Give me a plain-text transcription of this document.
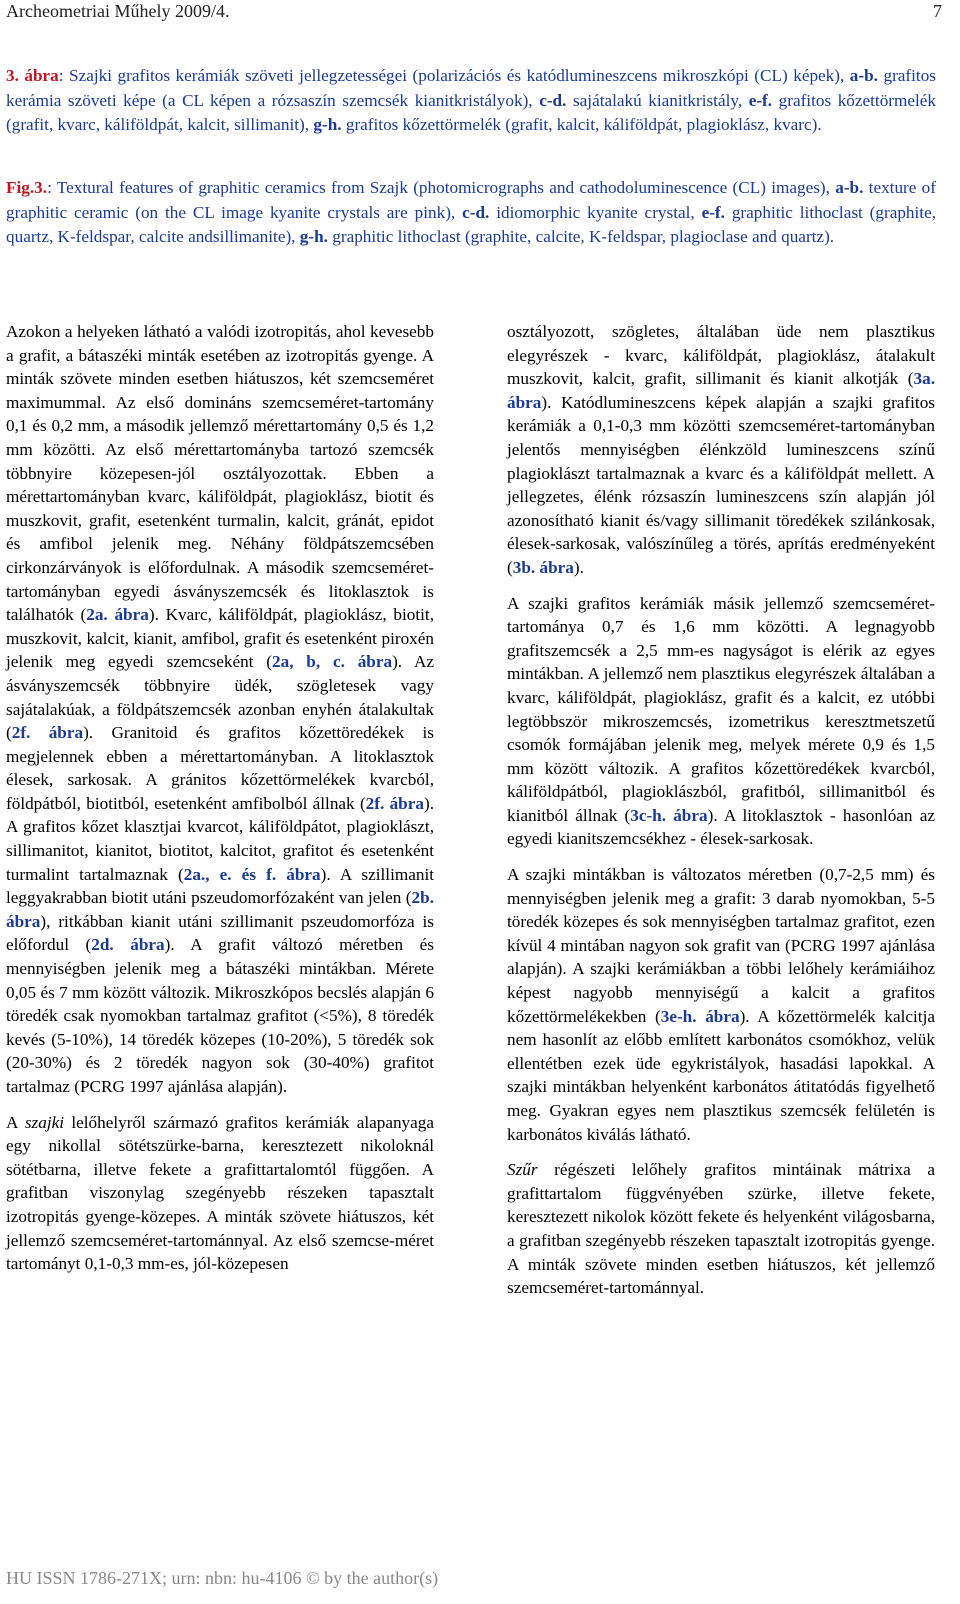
Archeometriai Műhely 2009/4.	7
3. ábra: Szajki grafitos kerámiák szöveti jellegzetességei (polarizációs és katódlumineszcens mikroszkópi (CL) képek), a-b. grafitos kerámia szöveti képe (a CL képen a rózsaszín szemcsék kianitkristályok), c-d. sajátalakú kianitkristály, e-f. grafitos kőzettörmelék (grafit, kvarc, káliföldpát, kalcit, sillimanit), g-h. grafitos kőzettörmelék (grafit, kalcit, káliföldpát, plagioklász, kvarc).
Fig.3.: Textural features of graphitic ceramics from Szajk (photomicrographs and cathodoluminescence (CL) images), a-b. texture of graphitic ceramic (on the CL image kyanite crystals are pink), c-d. idiomorphic kyanite crystal, e-f. graphitic lithoclast (graphite, quartz, K-feldspar, calcite andsillimanite), g-h. graphitic lithoclast (graphite, calcite, K-feldspar, plagioclase and quartz).

Azokon a helyeken látható a valódi izotropitás, ahol kevesebb a grafit, a bátaszéki minták esetében az izotropitás gyenge. A minták szövete minden esetben hiátuszos, két szemcseméret maximummal. Az első domináns szemcseméret-tartomány 0,1 és 0,2 mm, a második jellemző mérettartomány 0,5 és 1,2 mm közötti. Az első mérettartományba tartozó szemcsék többnyire közepesen-jól osztályozottak. Ebben a mérettartományban kvarc, káliföldpát, plagioklász, biotit és muszkovit, grafit, esetenként turmalin, kalcit, gránát, epidot és amfibol jelenik meg. Néhány földpátszemcsében cirkonzárványok is előfordulnak. A második szemcseméret-tartományban egyedi ásványszemcsék és litoklasztok is találhatók (2a. ábra). Kvarc, káliföldpát, plagioklász, biotit, muszkovit, kalcit, kianit, amfibol, grafit és esetenként piroxén jelenik meg egyedi szemcseként (2a, b, c. ábra). Az ásványszemcsék többnyire üdék, szögletesek vagy sajátalakúak, a földpátszemcsék azonban enyhén átalakultak (2f. ábra). Granitoid és grafitos kőzettöredékek is megjelennek ebben a mérettartományban. A litoklasztok élesek, sarkosak. A gránitos kőzettörmelékek kvarcból, földpátból, biotitból, esetenként amfibolból állnak (2f. ábra). A grafitos kőzet klasztjai kvarcot, káliföldpátot, plagioklászt, sillimanitot, kianitot, biotitot, kalcitot, grafitot és esetenként turmalint tartalmaznak (2a., e. és f. ábra). A szillimanit leggyakrabban biotit utáni pszeudomorfózaként van jelen (2b. ábra), ritkábban kianit utáni szillimanit pszeudomorfóza is előfordul (2d. ábra). A grafit változó méretben és mennyiségben jelenik meg a bátaszéki mintákban. Mérete 0,05 és 7 mm között változik. Mikroszkópos becslés alapján 6 töredék csak nyomokban tartalmaz grafitot (<5%), 8 töredék kevés (5-10%), 14 töredék közepes (10-20%), 5 töredék sok (20-30%) és 2 töredék nagyon sok (30-40%) grafitot tartalmaz (PCRG 1997 ajánlása alapján).

A szajki lelőhelyről származó grafitos kerámiák alapanyaga egy nikollal sötétszürke-barna, keresztezett nikoloknál sötétbarna, illetve fekete a grafittartalomtól függően. A grafitban viszonylag szegényebb részeken tapasztalt izotropitás gyenge-közepes. A minták szövete hiátuszos, két jellemző szemcseméret-tartománnyal. Az első szemcse-méret tartományt 0,1-0,3 mm-es, jól-közepesen

osztályozott, szögletes, általában üde nem plasztikus elegyrészek - kvarc, káliföldpát, plagioklász, átalakult muszkovit, kalcit, grafit, sillimanit és kianit alkotják (3a. ábra). Katódlumineszcens képek alapján a szajki grafitos kerámiák a 0,1-0,3 mm közötti szemcseméret-tartományban jelentős mennyiségben élénkzöld lumineszcens színű plagioklászt tartalmaznak a kvarc és a káliföldpát mellett. A jellegzetes, élénk rózsaszín lumineszcens szín alapján jól azonosítható kianit és/vagy sillimanit töredékek szilánkosak, élesek-sarkosak, valószínűleg a törés, aprítás eredményeként (3b. ábra).

A szajki grafitos kerámiák másik jellemző szemcseméret-tartománya 0,7 és 1,6 mm közötti. A legnagyobb grafitszemcsék a 2,5 mm-es nagyságot is elérik az egyes mintákban. A jellemző nem plasztikus elegyrészek általában a kvarc, káliföldpát, plagioklász, grafit és a kalcit, ez utóbbi legtöbbször mikroszemcsés, izometrikus keresztmetszetű csomók formájában jelenik meg, melyek mérete 0,9 és 1,5 mm között változik. A grafitos kőzettöredékek kvarcból, káliföldpátból, plagioklászból, grafitból, sillimanitból és kianitból állnak (3c-h. ábra). A litoklasztok - hasonlóan az egyedi kianitszemcsékhez - élesek-sarkosak.

A szajki mintákban is változatos méretben (0,7-2,5 mm) és mennyiségben jelenik meg a grafit: 3 darab nyomokban, 5-5 töredék közepes és sok mennyiségben tartalmaz grafitot, ezen kívül 4 mintában nagyon sok grafit van (PCRG 1997 ajánlása alapján). A szajki kerámiákban a többi lelőhely kerámiáihoz képest nagyobb mennyiségű a kalcit a grafitos kőzettörmelékekben (3e-h. ábra). A kőzettörmelék kalcitja nem hasonlít az előbb említett karbonátos csomókhoz, velük ellentétben ezek üde egykristályok, hasadási lapokkal. A szajki mintákban helyenként karbonátos átitatódás figyelhető meg. Gyakran egyes nem plasztikus szemcsék felületén is karbonátos kiválás látható.

Szűr régészeti lelőhely grafitos mintáinak mátrixa a grafittartalom függvényében szürke, illetve fekete, keresztezett nikolok között fekete és helyenként világosbarna, a grafitban szegényebb részeken tapasztalt izotropitás gyenge. A minták szövete minden esetben hiátuszos, két jellemző szemcseméret-tartománnyal.

HU ISSN 1786-271X; urn: nbn: hu-4106 © by the author(s)
